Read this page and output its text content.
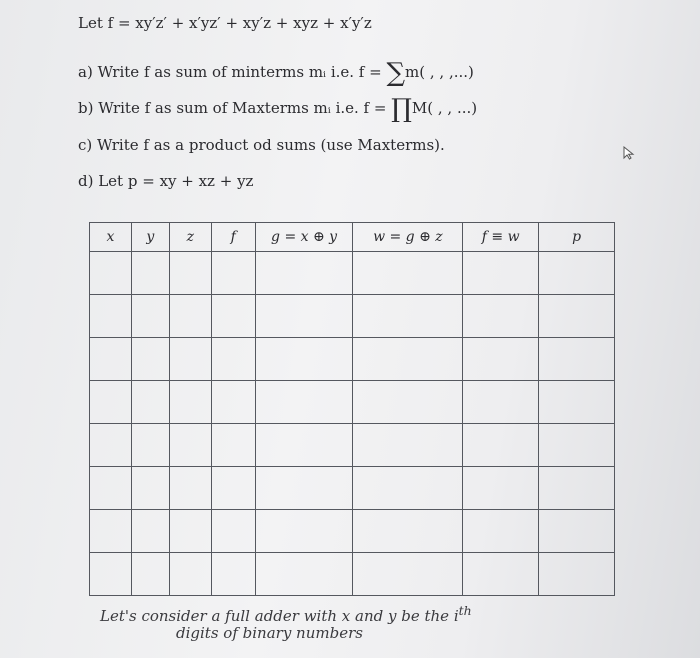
Let f = xy′z′ + x′yz′ + xy′z + xyz + x′y′z
a) Write f as sum of minterms mᵢ i.e. f = ∑m( , , ,...)
b) Write f as sum of Maxterms mᵢ i.e. f = ∏M( , , ...)
c) Write f as a product od sums (use Maxterms).
d) Let p = xy + xz + yz
x	y	z	f	g = x ⊕ y	w = g ⊕ z	f ≡ w	p

Let's consider a full adder with x and y be the $i^{th}$
digits of binary numbers
